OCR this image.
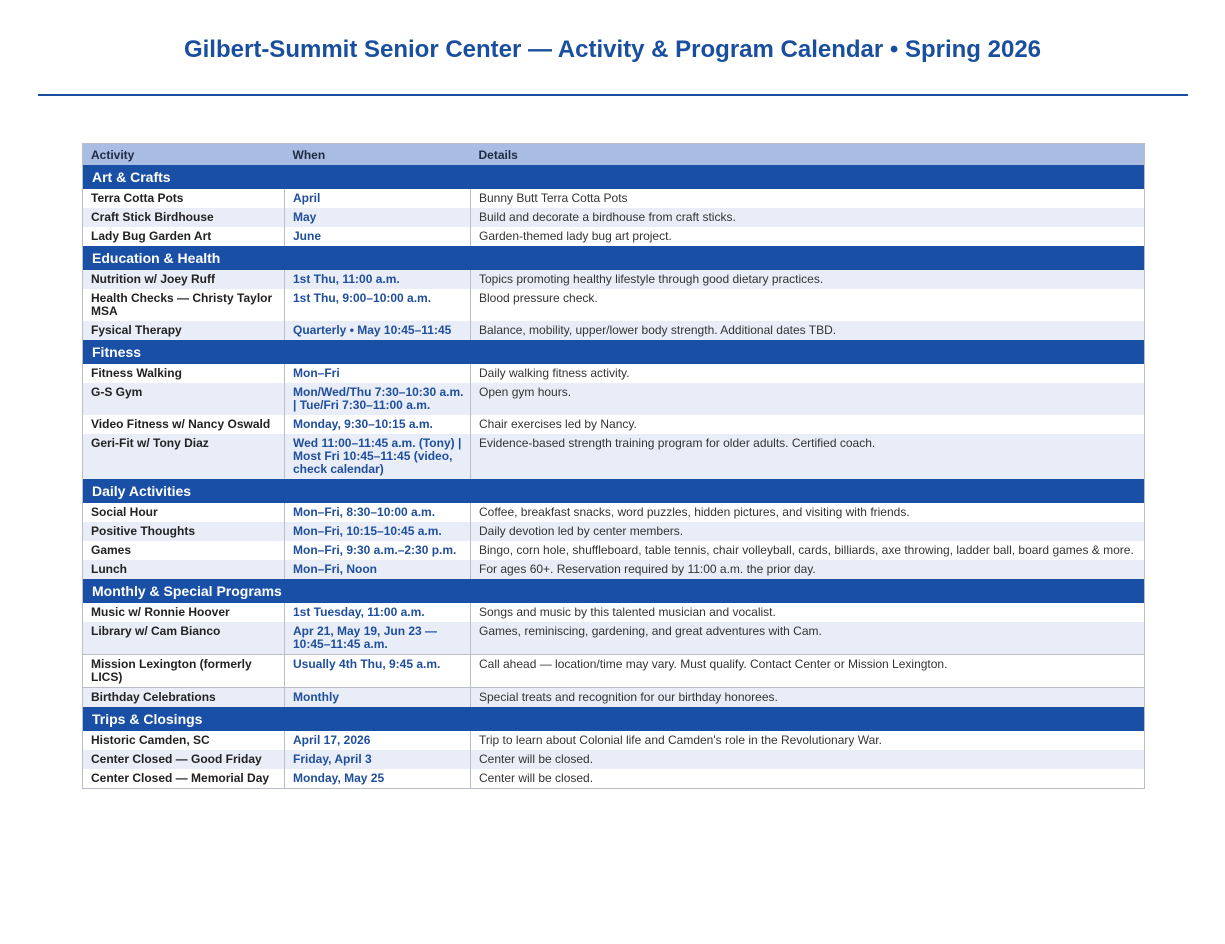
Gilbert-Summit Senior Center — Activity & Program Calendar • Spring 2026
Activity	When	Details
Art & Crafts		
Terra Cotta Pots	April	Bunny Butt Terra Cotta Pots
Craft Stick Birdhouse	May	Build and decorate a birdhouse from craft sticks.
Lady Bug Garden Art	June	Garden-themed lady bug art project.
Education & Health		
Nutrition w/ Joey Ruff	1st Thu, 11:00 a.m.	Topics promoting healthy lifestyle through good dietary practices.
Health Checks — Christy Taylor MSA	1st Thu, 9:00–10:00 a.m.	Blood pressure check.
Fysical Therapy	Quarterly • May 10:45–11:45	Balance, mobility, upper/lower body strength. Additional dates TBD.
Fitness		
Fitness Walking	Mon–Fri	Daily walking fitness activity.
G-S Gym	Mon/Wed/Thu 7:30–10:30 a.m. | Tue/Fri 7:30–11:00 a.m.	Open gym hours.
Video Fitness w/ Nancy Oswald	Monday, 9:30–10:15 a.m.	Chair exercises led by Nancy.
Geri-Fit w/ Tony Diaz	Wed 11:00–11:45 a.m. (Tony) | Most Fri 10:45–11:45 (video, check calendar)	Evidence-based strength training program for older adults. Certified coach.
Daily Activities		
Social Hour	Mon–Fri, 8:30–10:00 a.m.	Coffee, breakfast snacks, word puzzles, hidden pictures, and visiting with friends.
Positive Thoughts	Mon–Fri, 10:15–10:45 a.m.	Daily devotion led by center members.
Games	Mon–Fri, 9:30 a.m.–2:30 p.m.	Bingo, corn hole, shuffleboard, table tennis, chair volleyball, cards, billiards, axe throwing, ladder ball, board games & more.
Lunch	Mon–Fri, Noon	For ages 60+. Reservation required by 11:00 a.m. the prior day.
Monthly & Special Programs		
Music w/ Ronnie Hoover	1st Tuesday, 11:00 a.m.	Songs and music by this talented musician and vocalist.
Library w/ Cam Bianco	Apr 21, May 19, Jun 23 — 10:45–11:45 a.m.	Games, reminiscing, gardening, and great adventures with Cam.
Mission Lexington (formerly LICS)	Usually 4th Thu, 9:45 a.m.	Call ahead — location/time may vary. Must qualify. Contact Center or Mission Lexington.
Birthday Celebrations	Monthly	Special treats and recognition for our birthday honorees.
Trips & Closings		
Historic Camden, SC	April 17, 2026	Trip to learn about Colonial life and Camden's role in the Revolutionary War.
Center Closed — Good Friday	Friday, April 3	Center will be closed.
Center Closed — Memorial Day	Monday, May 25	Center will be closed.
